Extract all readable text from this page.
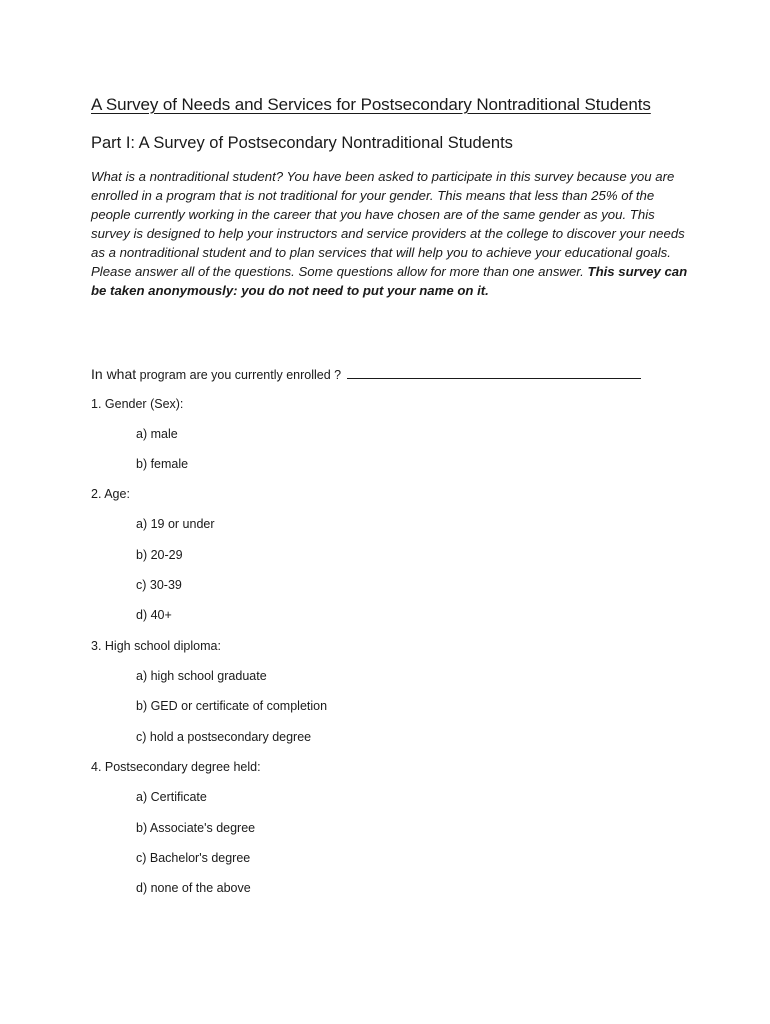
A Survey of Needs and Services for Postsecondary Nontraditional Students
Part I: A Survey of Postsecondary Nontraditional Students
What is a nontraditional student? You have been asked to participate in this survey because you are enrolled in a program that is not traditional for your gender. This means that less than 25% of the people currently working in the career that you have chosen are of the same gender as you. This survey is designed to help your instructors and service providers at the college to discover your needs as a nontraditional student and to plan services that will help you to achieve your educational goals. Please answer all of the questions. Some questions allow for more than one answer. This survey can be taken anonymously: you do not need to put your name on it.
In what program are you currently enrolled ?
1. Gender (Sex):
a) male
b) female
2. Age:
a) 19 or under
b) 20-29
c) 30-39
d) 40+
3. High school diploma:
a) high school graduate
b) GED or certificate of completion
c) hold a postsecondary degree
4. Postsecondary degree held:
a) Certificate
b) Associate's degree
c) Bachelor's degree
d) none of the above
